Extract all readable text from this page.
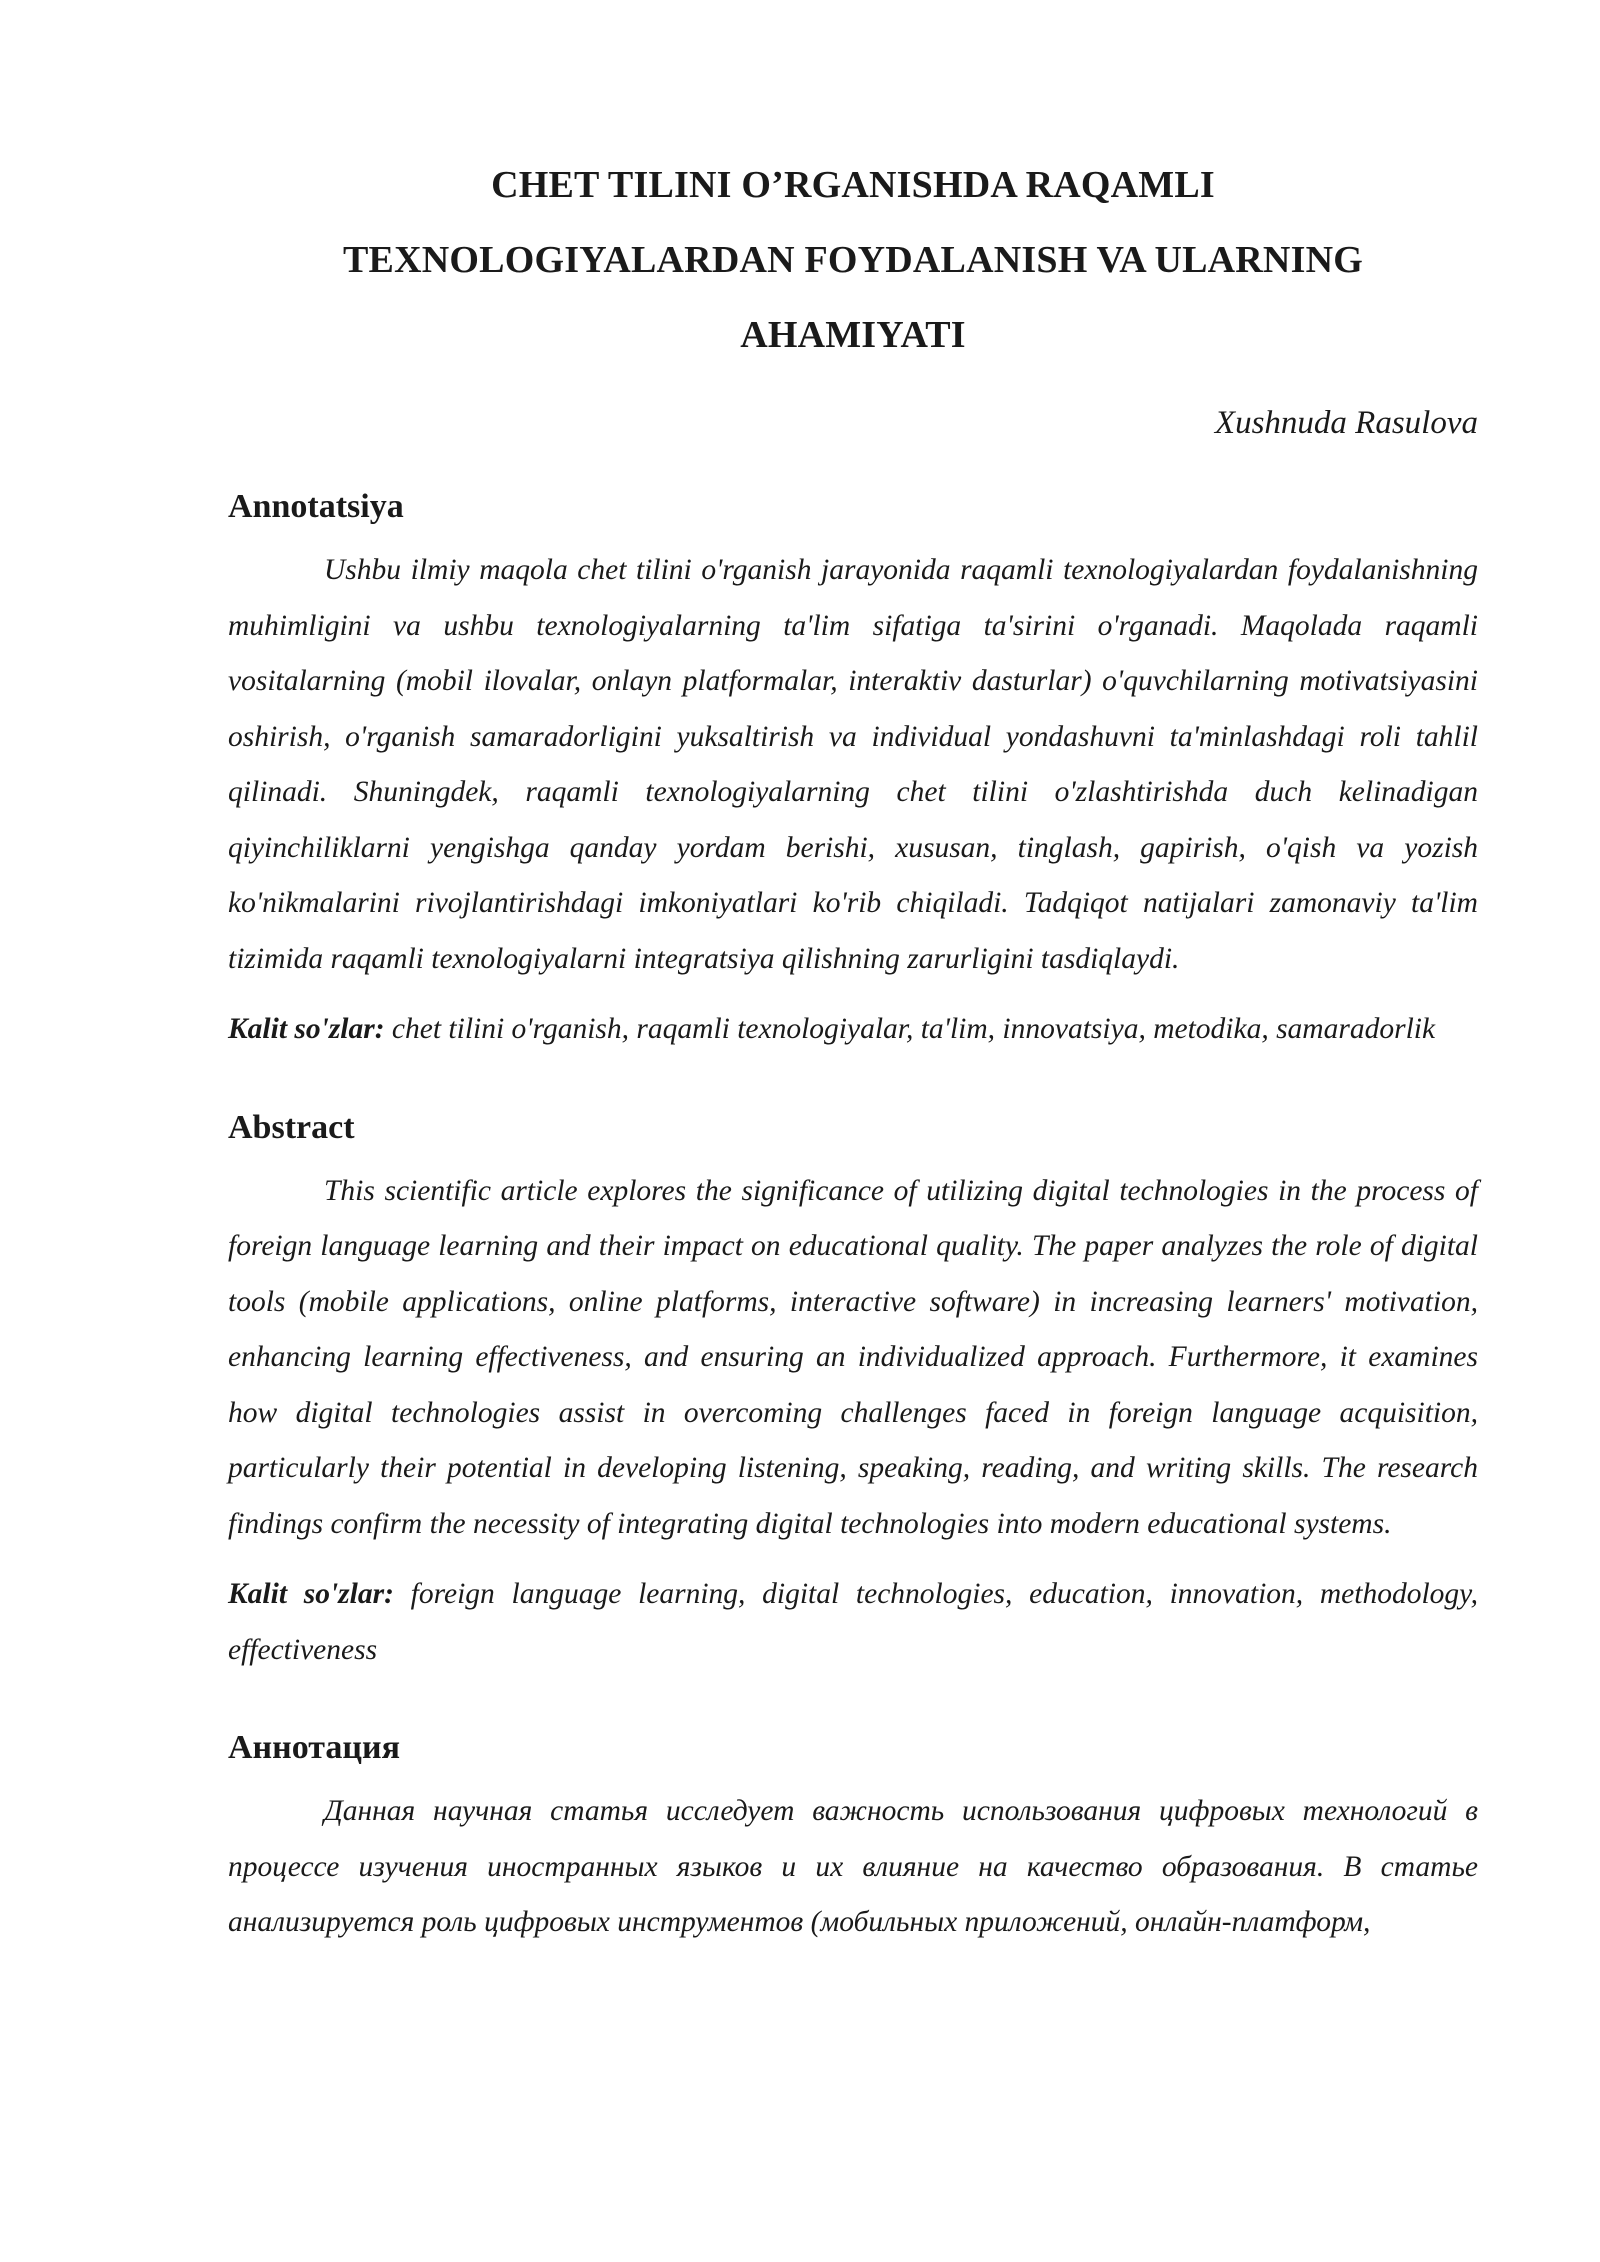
CHET TILINI O’RGANISHDA RAQAMLI
TEXNOLOGIYALARDAN FOYDALANISH VA ULARNING
AHAMIYATI
Xushnuda Rasulova
Annotatsiya

Ushbu ilmiy maqola chet tilini o'rganish jarayonida raqamli texnologiyalardan foydalanishning muhimligini va ushbu texnologiyalarning ta'lim sifatiga ta'sirini o'rganadi. Maqolada raqamli vositalarning (mobil ilovalar, onlayn platformalar, interaktiv dasturlar) o'quvchilarning motivatsiyasini oshirish, o'rganish samaradorligini yuksaltirish va individual yondashuvni ta'minlashdagi roli tahlil qilinadi. Shuningdek, raqamli texnologiyalarning chet tilini o'zlashtirishda duch kelinadigan qiyinchiliklarni yengishga qanday yordam berishi, xususan, tinglash, gapirish, o'qish va yozish ko'nikmalarini rivojlantirishdagi imkoniyatlari ko'rib chiqiladi. Tadqiqot natijalari zamonaviy ta'lim tizimida raqamli texnologiyalarni integratsiya qilishning zarurligini tasdiqlaydi.

Kalit so'zlar: chet tilini o'rganish, raqamli texnologiyalar, ta'lim, innovatsiya, metodika, samaradorlik

Abstract

This scientific article explores the significance of utilizing digital technologies in the process of foreign language learning and their impact on educational quality. The paper analyzes the role of digital tools (mobile applications, online platforms, interactive software) in increasing learners' motivation, enhancing learning effectiveness, and ensuring an individualized approach. Furthermore, it examines how digital technologies assist in overcoming challenges faced in foreign language acquisition, particularly their potential in developing listening, speaking, reading, and writing skills. The research findings confirm the necessity of integrating digital technologies into modern educational systems.

Kalit so'zlar: foreign language learning, digital technologies, education, innovation, methodology, effectiveness

Аннотация

Данная научная статья исследует важность использования цифровых технологий в процессе изучения иностранных языков и их влияние на качество образования. В статье анализируется роль цифровых инструментов (мобильных приложений, онлайн-платформ,
